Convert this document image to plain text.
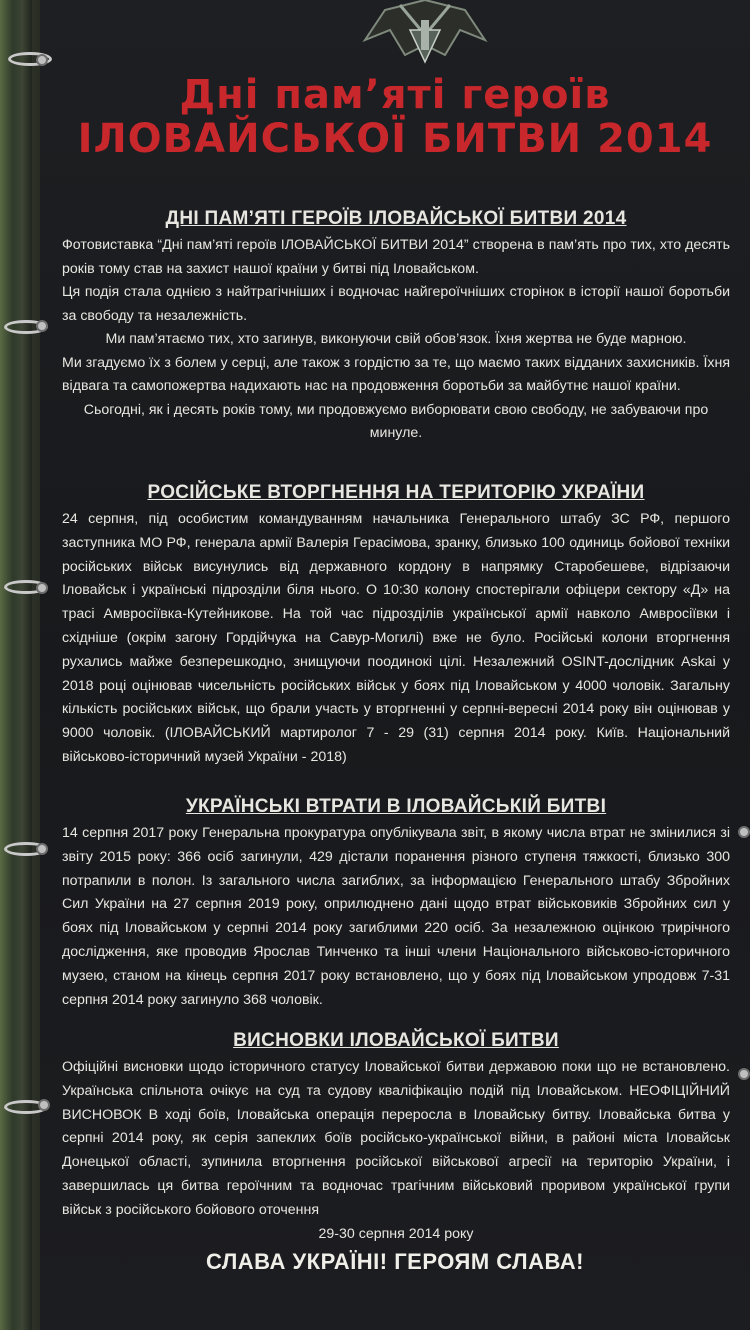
Дні пам’яті героїв
ІЛОВАЙСЬКОЇ БИТВИ 2014
ДНІ ПАМ’ЯТІ ГЕРОЇВ ІЛОВАЙСЬКОЇ БИТВИ 2014
Фотовиставка “Дні пам’яті героїв ІЛОВАЙСЬКОЇ БИТВИ 2014” створена в пам’ять про тих, хто десять років тому став на захист нашої країни у битві під Іловайськом.
Ця подія стала однією з найтрагічніших і водночас найгероїчніших сторінок в історії нашої боротьби за свободу та незалежність.
Ми пам’ятаємо тих, хто загинув, виконуючи свій обов’язок. Їхня жертва не буде марною.
Ми згадуємо їх з болем у серці, але також з гордістю за те, що маємо таких відданих захисників. Їхня відвага та самопожертва надихають нас на продовження боротьби за майбутнє нашої країни.
Сьогодні, як і десять років тому, ми продовжуємо виборювати свою свободу, не забуваючи про минуле.
РОСІЙСЬКЕ ВТОРГНЕННЯ НА ТЕРИТОРІЮ УКРАЇНИ
24 серпня, під особистим командуванням начальника Генерального штабу ЗС РФ, першого заступника МО РФ, генерала армії Валерія Герасімова, зранку, близько 100 одиниць бойової техніки російських військ висунулись від державного кордону в напрямку Старобешеве, відрізаючи Іловайськ і українські підрозділи біля нього. О 10:30 колону спостерігали офіцери сектору «Д» на трасі Амвросіївка-Кутейникове. На той час підрозділів української армії навколо Амвросіївки і східніше (окрім загону Гордійчука на Савур-Могилі) вже не було. Російські колони вторгнення рухались майже безперешкодно, знищуючи поодинокі цілі. Незалежний OSINT-дослідник Askai у 2018 році оцінював чисельність російських військ у боях під Іловайськом у 4000 чоловік. Загальну кількість російських військ, що брали участь у вторгненні у серпні-вересні 2014 року він оцінював у 9000 чоловік. (ІЛОВАЙСЬКИЙ мартиролог 7 - 29 (31) серпня 2014 року. Київ. Національний військово-історичний музей України - 2018)
УКРАЇНСЬКІ ВТРАТИ В ІЛОВАЙСЬКІЙ БИТВІ
14 серпня 2017 року Генеральна прокуратура опублікувала звіт, в якому числа втрат не змінилися зі звіту 2015 року: 366 осіб загинули, 429 дістали поранення різного ступеня тяжкості, близько 300 потрапили в полон. Із загального числа загиблих, за інформацією Генерального штабу Збройних Сил України на 27 серпня 2019 року, оприлюднено дані щодо втрат військовиків Збройних сил у боях під Іловайськом у серпні 2014 року загиблими 220 осіб. За незалежною оцінкою трирічного дослідження, яке проводив Ярослав Тинченко та інші члени Національного військово-історичного музею, станом на кінець серпня 2017 року встановлено, що у боях під Іловайськом упродовж 7-31 серпня 2014 року загинуло 368 чоловік.
ВИСНОВКИ ІЛОВАЙСЬКОЇ БИТВИ
Офіційні висновки щодо історичного статусу Іловайської битви державою поки що не встановлено. Українська спільнота очікує на суд та судову кваліфікацію подій під Іловайськом. НЕОФІЦІЙНИЙ ВИСНОВОК В ході боїв, Іловайська операція переросла в Іловайську битву. Іловайська битва у серпні 2014 року, як серія запеклих боїв російсько-української війни, в районі міста Іловайськ Донецької області, зупинила вторгнення російської військової агресії на територію України, і завершилась ця битва героїчним та водночас трагічним військовий проривом української групи військ з російського бойового оточення
29-30 серпня 2014 року
СЛАВА УКРАЇНІ! ГЕРОЯМ СЛАВА!
